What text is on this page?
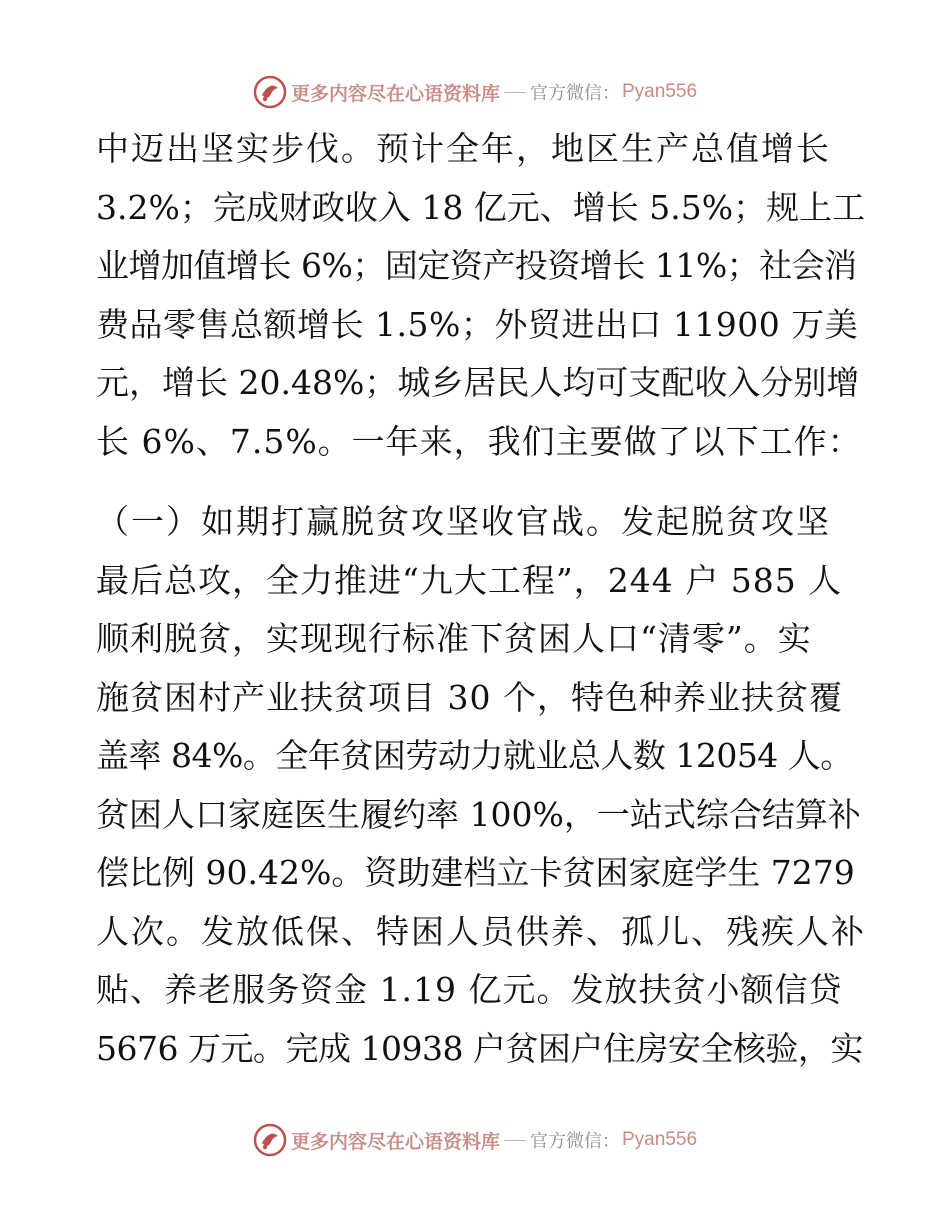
更多内容尽在心语资料库 官方微信： Pyan556
中迈出坚实步伐。预计全年，地区生产总值增长
3.2%；完成财政收入 18 亿元、增长 5.5%；规上工
业增加值增长 6%；固定资产投资增长 11%；社会消
费品零售总额增长 1.5%；外贸进出口 11900 万美
元，增长 20.48%；城乡居民人均可支配收入分别增
长 6%、7.5%。一年来，我们主要做了以下工作：
（一）如期打赢脱贫攻坚收官战。发起脱贫攻坚
最后总攻，全力推进“九大工程”，244 户 585 人
顺利脱贫，实现现行标准下贫困人口“清零”。实
施贫困村产业扶贫项目 30 个，特色种养业扶贫覆
盖率 84%。全年贫困劳动力就业总人数 12054 人。
贫困人口家庭医生履约率 100%，一站式综合结算补
偿比例 90.42%。资助建档立卡贫困家庭学生 7279
人次。发放低保、特困人员供养、孤儿、残疾人补
贴、养老服务资金 1.19 亿元。发放扶贫小额信贷
5676 万元。完成 10938 户贫困户住房安全核验，实
更多内容尽在心语资料库 官方微信： Pyan556
